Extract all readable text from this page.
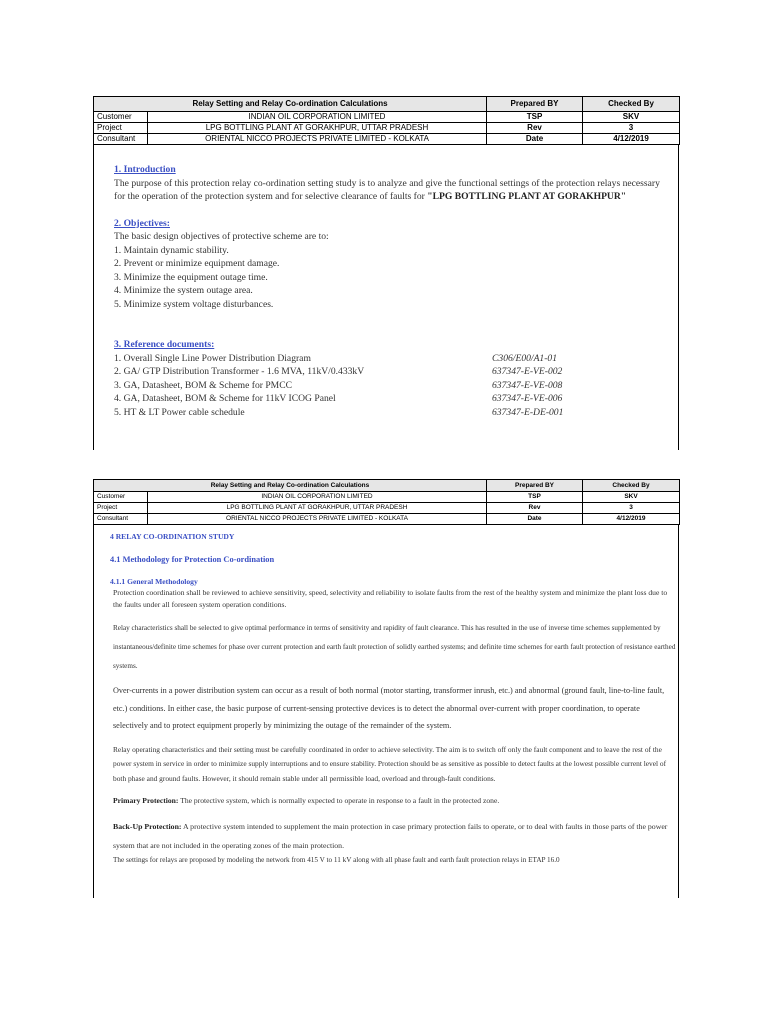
Relay Setting and Relay Co-ordination Calculations		Prepared BY	Checked By
Customer	INDIAN OIL CORPORATION LIMITED	TSP	SKV
Project	LPG BOTTLING PLANT AT GORAKHPUR, UTTAR PRADESH	Rev	3
Consultant	ORIENTAL NICCO PROJECTS PRIVATE LIMITED - KOLKATA	Date	4/12/2019

1. Introduction

The purpose of this protection relay co-ordination setting study is to analyze and give the functional settings of the protection relays necessary for the operation of the protection system and for selective clearance of faults for "LPG BOTTLING PLANT AT GORAKHPUR"

2. Objectives:

The basic design objectives of protective scheme are to:

1. Maintain dynamic stability.

2. Prevent or minimize equipment damage.

3. Minimize the equipment outage time.

4. Minimize the system outage area.

5. Minimize system voltage disturbances.

3. Reference documents:

1. Overall Single Line Power Distribution Diagram	C306/E00/A1-01
2. GA/ GTP Distribution Transformer - 1.6 MVA, 11kV/0.433kV	637347-E-VE-002
3. GA, Datasheet, BOM & Scheme for PMCC	637347-E-VE-008
4. GA, Datasheet, BOM & Scheme for 11kV ICOG Panel	637347-E-VE-006
5. HT & LT Power cable schedule	637347-E-DE-001
Relay Setting and Relay Co-ordination Calculations		Prepared BY	Checked By
Customer	INDIAN OIL CORPORATION LIMITED	TSP	SKV
Project	LPG BOTTLING PLANT AT GORAKHPUR, UTTAR PRADESH	Rev	3
Consultant	ORIENTAL NICCO PROJECTS PRIVATE LIMITED - KOLKATA	Date	4/12/2019

4 RELAY CO-ORDINATION STUDY

4.1 Methodology for Protection Co-ordination

4.1.1 General Methodology

Protection coordination shall be reviewed to achieve sensitivity, speed, selectivity and reliability to isolate faults from the rest of the healthy system and minimize the plant loss due to the faults under all foreseen system operation conditions.

Relay characteristics shall be selected to give optimal performance in terms of sensitivity and rapidity of fault clearance. This has resulted in the use of inverse time schemes supplemented by instantaneous/definite time schemes for phase over current protection and earth fault protection of solidly earthed systems; and definite time schemes for earth fault protection of resistance earthed systems.

Over-currents in a power distribution system can occur as a result of both normal (motor starting, transformer inrush, etc.) and abnormal (ground fault, line-to-line fault, etc.) conditions. In either case, the basic purpose of current-sensing protective devices is to detect the abnormal over-current with proper coordination, to operate selectively and to protect equipment properly by minimizing the outage of the remainder of the system.

Relay operating characteristics and their setting must be carefully coordinated in order to achieve selectivity. The aim is to switch off only the fault component and to leave the rest of the power system in service in order to minimize supply interruptions and to ensure stability. Protection should be as sensitive as possible to detect faults at the lowest possible current level of both phase and ground faults. However, it should remain stable under all permissible load, overload and through-fault conditions.

Primary Protection: The protective system, which is normally expected to operate in response to a fault in the protected zone.

Back-Up Protection: A protective system intended to supplement the main protection in case primary protection fails to operate, or to deal with faults in those parts of the power system that are not included in the operating zones of the main protection.

The settings for relays are proposed by modeling the network from 415 V to 11 kV along with all phase fault and earth fault protection relays in ETAP 16.0
